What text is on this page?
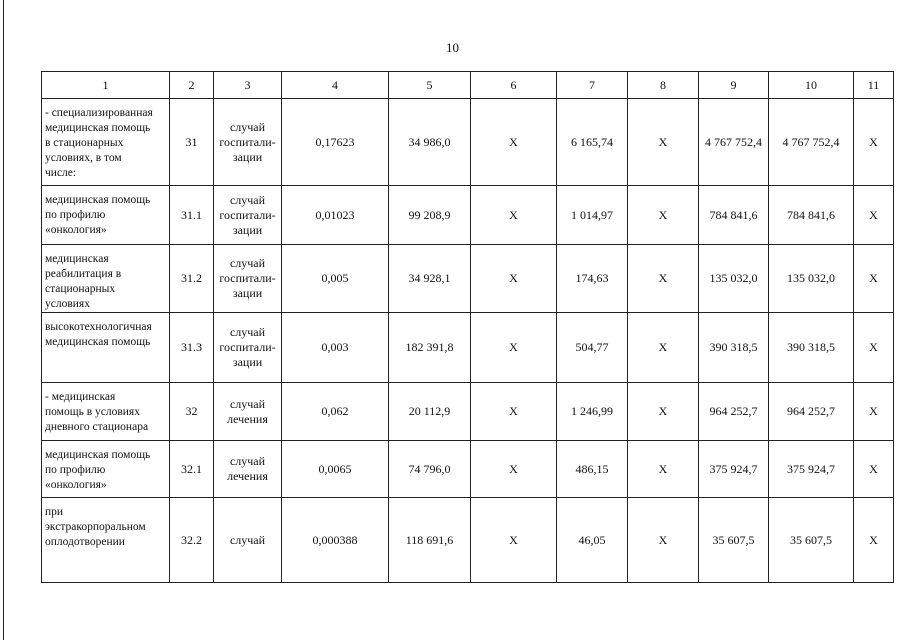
10
1	2	3	4	5	6	7	8	9	10	11

- специализированная
медицинская помощь
в стационарных
условиях, в том
числе:	31	случай
госпитали-
зации	0,17623	34 986,0	Х	6 165,74	Х	4 767 752,4	4 767 752,4	Х

медицинская помощь
по профилю
«онкология»	31.1	случай
госпитали-
зации	0,01023	99 208,9	Х	1 014,97	Х	784 841,6	784 841,6	Х

медицинская
реабилитация в
стационарных
условиях	31.2	случай
госпитали-
зации	0,005	34 928,1	Х	174,63	Х	135 032,0	135 032,0	Х

высокотехнологичная
медицинская помощь	31.3	случай
госпитали-
зации	0,003	182 391,8	Х	504,77	Х	390 318,5	390 318,5	Х

- медицинская
помощь в условиях
дневного стационара	32	случай
лечения	0,062	20 112,9	Х	1 246,99	Х	964 252,7	964 252,7	Х

медицинская помощь
по профилю
«онкология»	32.1	случай
лечения	0,0065	74 796,0	Х	486,15	Х	375 924,7	375 924,7	Х

при
экстракорпоральном
оплодотворении	32.2	случай	0,000388	118 691,6	Х	46,05	Х	35 607,5	35 607,5	Х
